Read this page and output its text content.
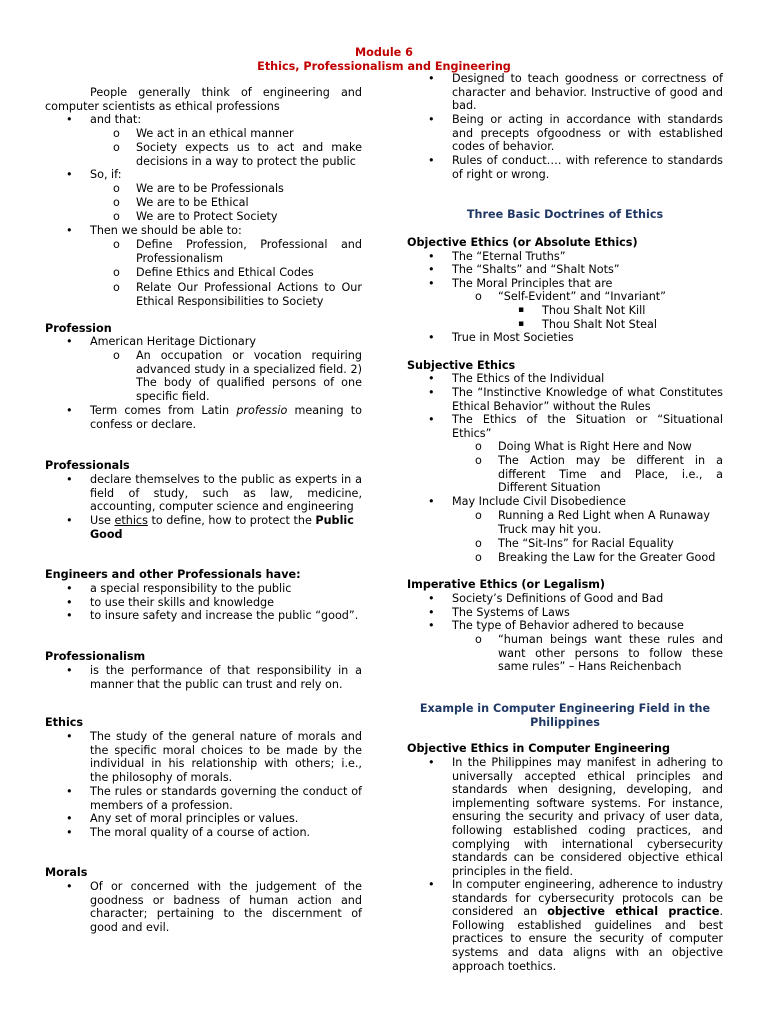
Module 6
Ethics, Professionalism and Engineering
People generally think of engineering and computer scientists as ethical professions
• and that:
o We act in an ethical manner
o Society expects us to act and make decisions in a way to protect the public
• So, if:
o We are to be Professionals
o We are to be Ethical
o We are to Protect Society
• Then we should be able to:
o Define Profession, Professional and Professionalism
o Define Ethics and Ethical Codes
o Relate Our Professional Actions to Our Ethical Responsibilities to Society
Profession
• American Heritage Dictionary
o An occupation or vocation requiring advanced study in a specialized field. 2) The body of qualified persons of one specific field.
• Term comes from Latin professio meaning to confess or declare.
Professionals
• declare themselves to the public as experts in a field of study, such as law, medicine, accounting, computer science and engineering
• Use ethics to define, how to protect the Public Good
Engineers and other Professionals have:
• a special responsibility to the public
• to use their skills and knowledge
• to insure safety and increase the public “good”.
Professionalism
• is the performance of that responsibility in a manner that the public can trust and rely on.
Ethics
• The study of the general nature of morals and the specific moral choices to be made by the individual in his relationship with others; i.e., the philosophy of morals.
• The rules or standards governing the conduct of members of a profession.
• Any set of moral principles or values.
• The moral quality of a course of action.
Morals
• Of or concerned with the judgement of the goodness or badness of human action and character; pertaining to the discernment of good and evil.
• Designed to teach goodness or correctness of character and behavior. Instructive of good and bad.
• Being or acting in accordance with standards and precepts ofgoodness or with established codes of behavior.
• Rules of conduct…. with reference to standards of right or wrong.
Three Basic Doctrines of Ethics
Objective Ethics (or Absolute Ethics)
• The “Eternal Truths”
• The “Shalts” and “Shalt Nots”
• The Moral Principles that are
o “Self-Evident” and “Invariant”
▪ Thou Shalt Not Kill
▪ Thou Shalt Not Steal
• True in Most Societies
Subjective Ethics
• The Ethics of the Individual
• The “Instinctive Knowledge of what Constitutes Ethical Behavior” without the Rules
• The Ethics of the Situation or “Situational Ethics”
o Doing What is Right Here and Now
o The Action may be different in a different Time and Place, i.e., a Different Situation
• May Include Civil Disobedience
o Running a Red Light when A Runaway Truck may hit you.
o The “Sit-Ins” for Racial Equality
o Breaking the Law for the Greater Good
Imperative Ethics (or Legalism)
• Society’s Definitions of Good and Bad
• The Systems of Laws
• The type of Behavior adhered to because
o “human beings want these rules and want other persons to follow these same rules” – Hans Reichenbach
Example in Computer Engineering Field in the Philippines
Objective Ethics in Computer Engineering
• In the Philippines may manifest in adhering to universally accepted ethical principles and standards when designing, developing, and implementing software systems. For instance, ensuring the security and privacy of user data, following established coding practices, and complying with international cybersecurity standards can be considered objective ethical principles in the field.
• In computer engineering, adherence to industry standards for cybersecurity protocols can be considered an objective ethical practice. Following established guidelines and best practices to ensure the security of computer systems and data aligns with an objective approach toethics.
